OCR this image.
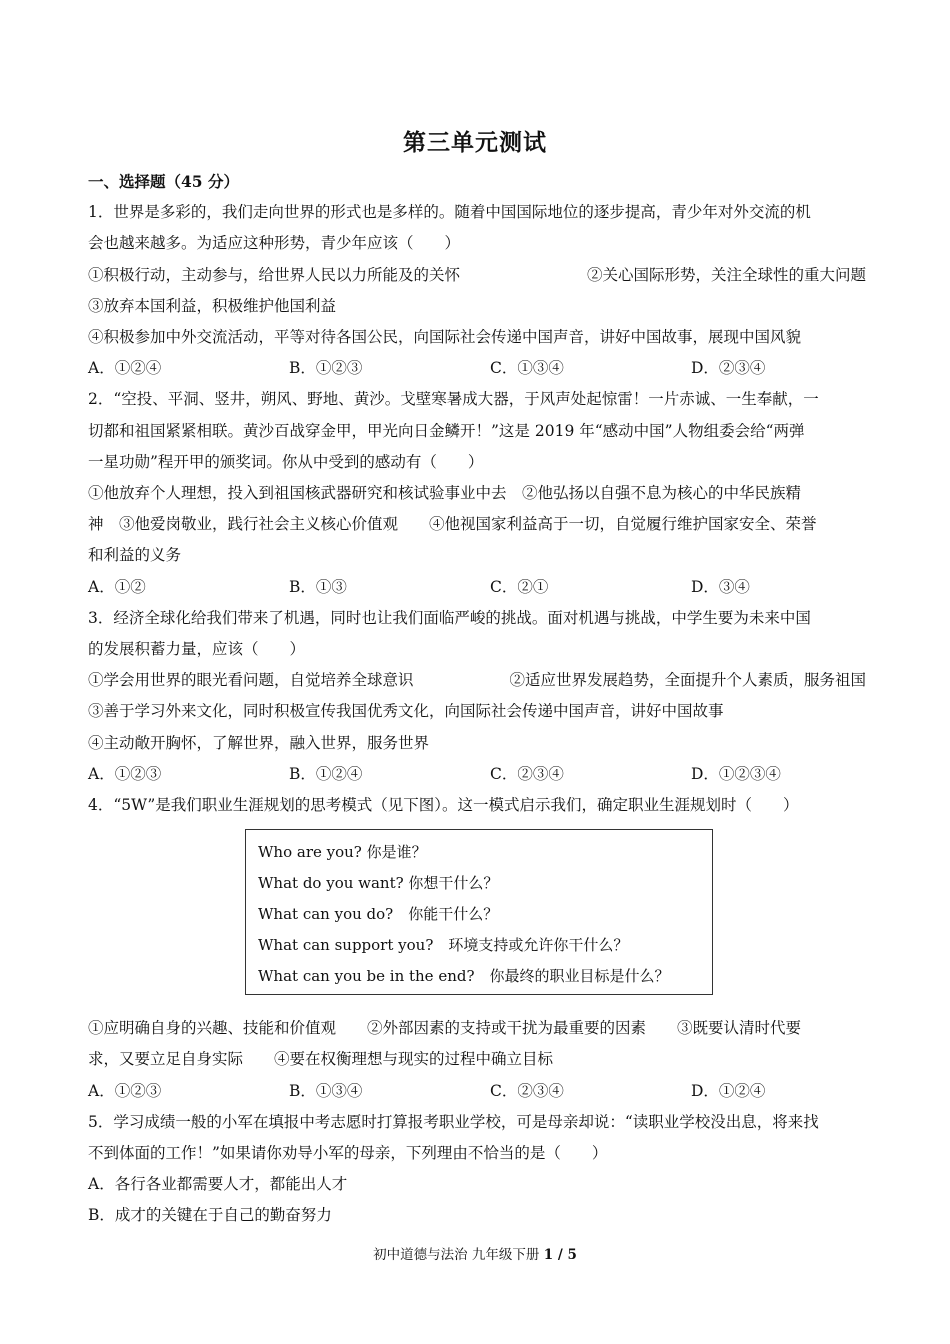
第三单元测试
一、选择题（45 分）

1．世界是多彩的，我们走向世界的形式也是多样的。随着中国国际地位的逐步提高，青少年对外交流的机

会也越来越多。为适应这种形势，青少年应该（　　）

①积极行动，主动参与，给世界人民以力所能及的关怀	②关心国际形势，关注全球性的重大问题

③放弃本国利益，积极维护他国利益

④积极参加中外交流活动，平等对待各国公民，向国际社会传递中国声音，讲好中国故事，展现中国风貌

A．①②④	B．①②③	C．①③④	D．②③④

2．“空投、平洞、竖井，朔风、野地、黄沙。戈壁寒暑成大器，于风声处起惊雷！一片赤诚、一生奉献，一

切都和祖国紧紧相联。黄沙百战穿金甲，甲光向日金鳞开！”这是 2019 年“感动中国”人物组委会给“两弹

一星功勋”程开甲的颁奖词。你从中受到的感动有（　　）

①他放弃个人理想，投入到祖国核武器研究和核试验事业中去　②他弘扬以自强不息为核心的中华民族精

神　③他爱岗敬业，践行社会主义核心价值观　　④他视国家利益高于一切，自觉履行维护国家安全、荣誉

和利益的义务

A．①②	B．①③	C．②①	D．③④

3．经济全球化给我们带来了机遇，同时也让我们面临严峻的挑战。面对机遇与挑战，中学生要为未来中国

的发展积蓄力量，应该（　　）

①学会用世界的眼光看问题，自觉培养全球意识	②适应世界发展趋势，全面提升个人素质，服务祖国

③善于学习外来文化，同时积极宣传我国优秀文化，向国际社会传递中国声音，讲好中国故事

④主动敞开胸怀，了解世界，融入世界，服务世界

A．①②③	B．①②④	C．②③④	D．①②③④

4．“5W”是我们职业生涯规划的思考模式（见下图）。这一模式启示我们，确定职业生涯规划时（　　）

Who are you? 你是谁？
What do you want? 你想干什么？
What can you do?　你能干什么？
What can support you?　环境支持或允许你干什么？
What can you be in the end?　你最终的职业目标是什么？

①应明确自身的兴趣、技能和价值观　　②外部因素的支持或干扰为最重要的因素　　③既要认清时代要

求，又要立足自身实际　　④要在权衡理想与现实的过程中确立目标

A．①②③	B．①③④	C．②③④	D．①②④

5．学习成绩一般的小军在填报中考志愿时打算报考职业学校，可是母亲却说：“读职业学校没出息，将来找

不到体面的工作！”如果请你劝导小军的母亲，下列理由不恰当的是（　　）

A．各行各业都需要人才，都能出人才

B．成才的关键在于自己的勤奋努力

初中道德与法治 九年级下册 1 / 5
